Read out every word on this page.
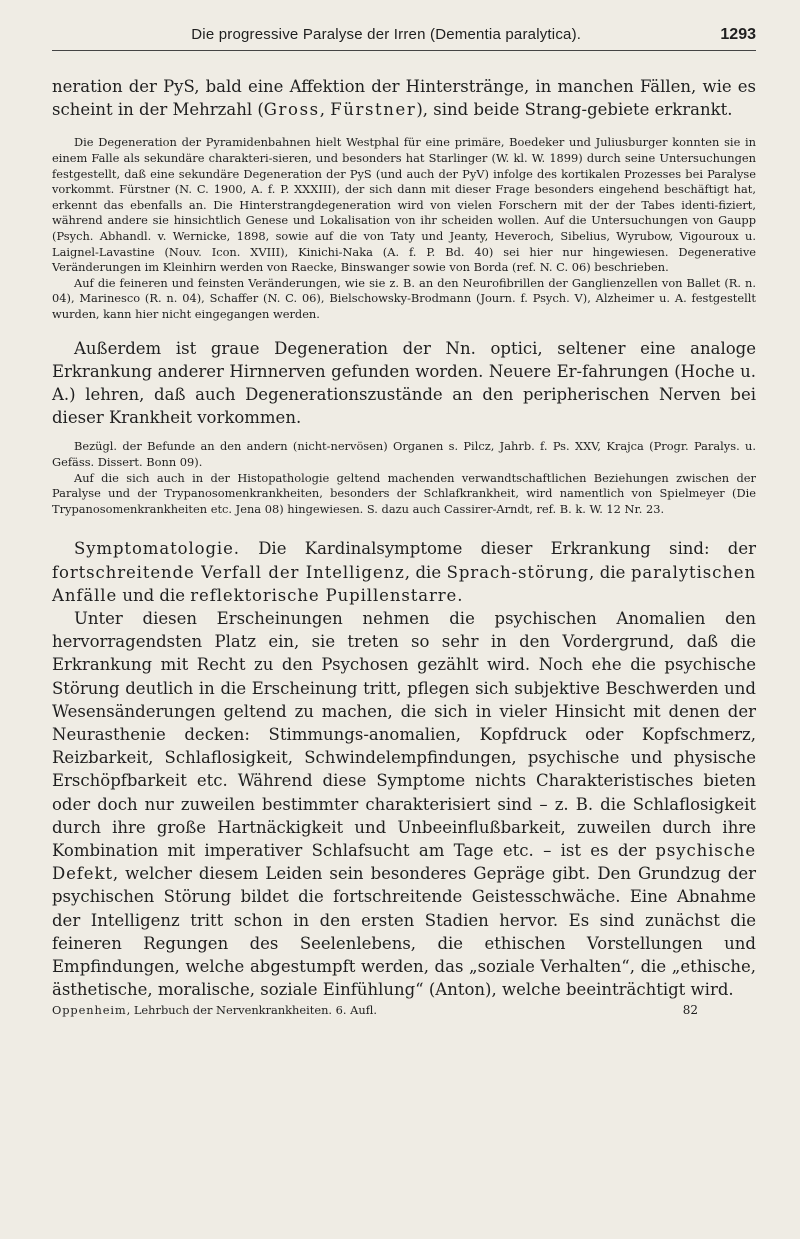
Die progressive Paralyse der Irren (Dementia paralytica).	1293

neration der PyS, bald eine Affektion der Hinterstränge, in manchen Fällen, wie es scheint in der Mehrzahl (Gross, Fürstner), sind beide Strang-gebiete erkrankt.

Die Degeneration der Pyramidenbahnen hielt Westphal für eine primäre, Boedeker und Juliusburger konnten sie in einem Falle als sekundäre charakteri-sieren, und besonders hat Starlinger (W. kl. W. 1899) durch seine Untersuchungen festgestellt, daß eine sekundäre Degeneration der PyS (und auch der PyV) infolge des kortikalen Prozesses bei Paralyse vorkommt. Fürstner (N. C. 1900, A. f. P. XXXIII), der sich dann mit dieser Frage besonders eingehend beschäftigt hat, erkennt das ebenfalls an. Die Hinterstrangdegeneration wird von vielen Forschern mit der der Tabes identi-fiziert, während andere sie hinsichtlich Genese und Lokalisation von ihr scheiden wollen. Auf die Untersuchungen von Gaupp (Psych. Abhandl. v. Wernicke, 1898, sowie auf die von Taty und Jeanty, Heveroch, Sibelius, Wyrubow, Vigouroux u. Laignel-Lavastine (Nouv. Icon. XVIII), Kinichi-Naka (A. f. P. Bd. 40) sei hier nur hingewiesen. Degenerative Veränderungen im Kleinhirn werden von Raecke, Binswanger sowie von Borda (ref. N. C. 06) beschrieben.

Auf die feineren und feinsten Veränderungen, wie sie z. B. an den Neurofibrillen der Ganglienzellen von Ballet (R. n. 04), Marinesco (R. n. 04), Schaffer (N. C. 06), Bielschowsky-Brodmann (Journ. f. Psych. V), Alzheimer u. A. festgestellt wurden, kann hier nicht eingegangen werden.

Außerdem ist graue Degeneration der Nn. optici, seltener eine analoge Erkrankung anderer Hirnnerven gefunden worden. Neuere Er-fahrungen (Hoche u. A.) lehren, daß auch Degenerationszustände an den peripherischen Nerven bei dieser Krankheit vorkommen.

Bezügl. der Befunde an den andern (nicht-nervösen) Organen s. Pilcz, Jahrb. f. Ps. XXV, Krajca (Progr. Paralys. u. Gefäss. Dissert. Bonn 09).

Auf die sich auch in der Histopathologie geltend machenden verwandtschaftlichen Beziehungen zwischen der Paralyse und der Trypanosomenkrankheiten, besonders der Schlafkrankheit, wird namentlich von Spielmeyer (Die Trypanosomenkrankheiten etc. Jena 08) hingewiesen. S. dazu auch Cassirer-Arndt, ref. B. k. W. 12 Nr. 23.

Symptomatologie. Die Kardinalsymptome dieser Erkrankung sind: der fortschreitende Verfall der Intelligenz, die Sprach-störung, die paralytischen Anfälle und die reflektorische Pupillenstarre.

Unter diesen Erscheinungen nehmen die psychischen Anomalien den hervorragendsten Platz ein, sie treten so sehr in den Vordergrund, daß die Erkrankung mit Recht zu den Psychosen gezählt wird. Noch ehe die psychische Störung deutlich in die Erscheinung tritt, pflegen sich subjektive Beschwerden und Wesensänderungen geltend zu machen, die sich in vieler Hinsicht mit denen der Neurasthenie decken: Stimmungs-anomalien, Kopfdruck oder Kopfschmerz, Reizbarkeit, Schlaflosigkeit, Schwindelempfindungen, psychische und physische Erschöpfbarkeit etc. Während diese Symptome nichts Charakteristisches bieten oder doch nur zuweilen bestimmter charakterisiert sind – z. B. die Schlaflosigkeit durch ihre große Hartnäckigkeit und Unbeeinflußbarkeit, zuweilen durch ihre Kombination mit imperativer Schlafsucht am Tage etc. – ist es der psychische Defekt, welcher diesem Leiden sein besonderes Gepräge gibt. Den Grundzug der psychischen Störung bildet die fortschreitende Geistesschwäche. Eine Abnahme der Intelligenz tritt schon in den ersten Stadien hervor. Es sind zunächst die feineren Regungen des Seelenlebens, die ethischen Vorstellungen und Empfindungen, welche abgestumpft werden, das „soziale Verhalten“, die „ethische, ästhetische, moralische, soziale Einfühlung“ (Anton), welche beeinträchtigt wird.

Oppenheim, Lehrbuch der Nervenkrankheiten. 6. Aufl.	82
